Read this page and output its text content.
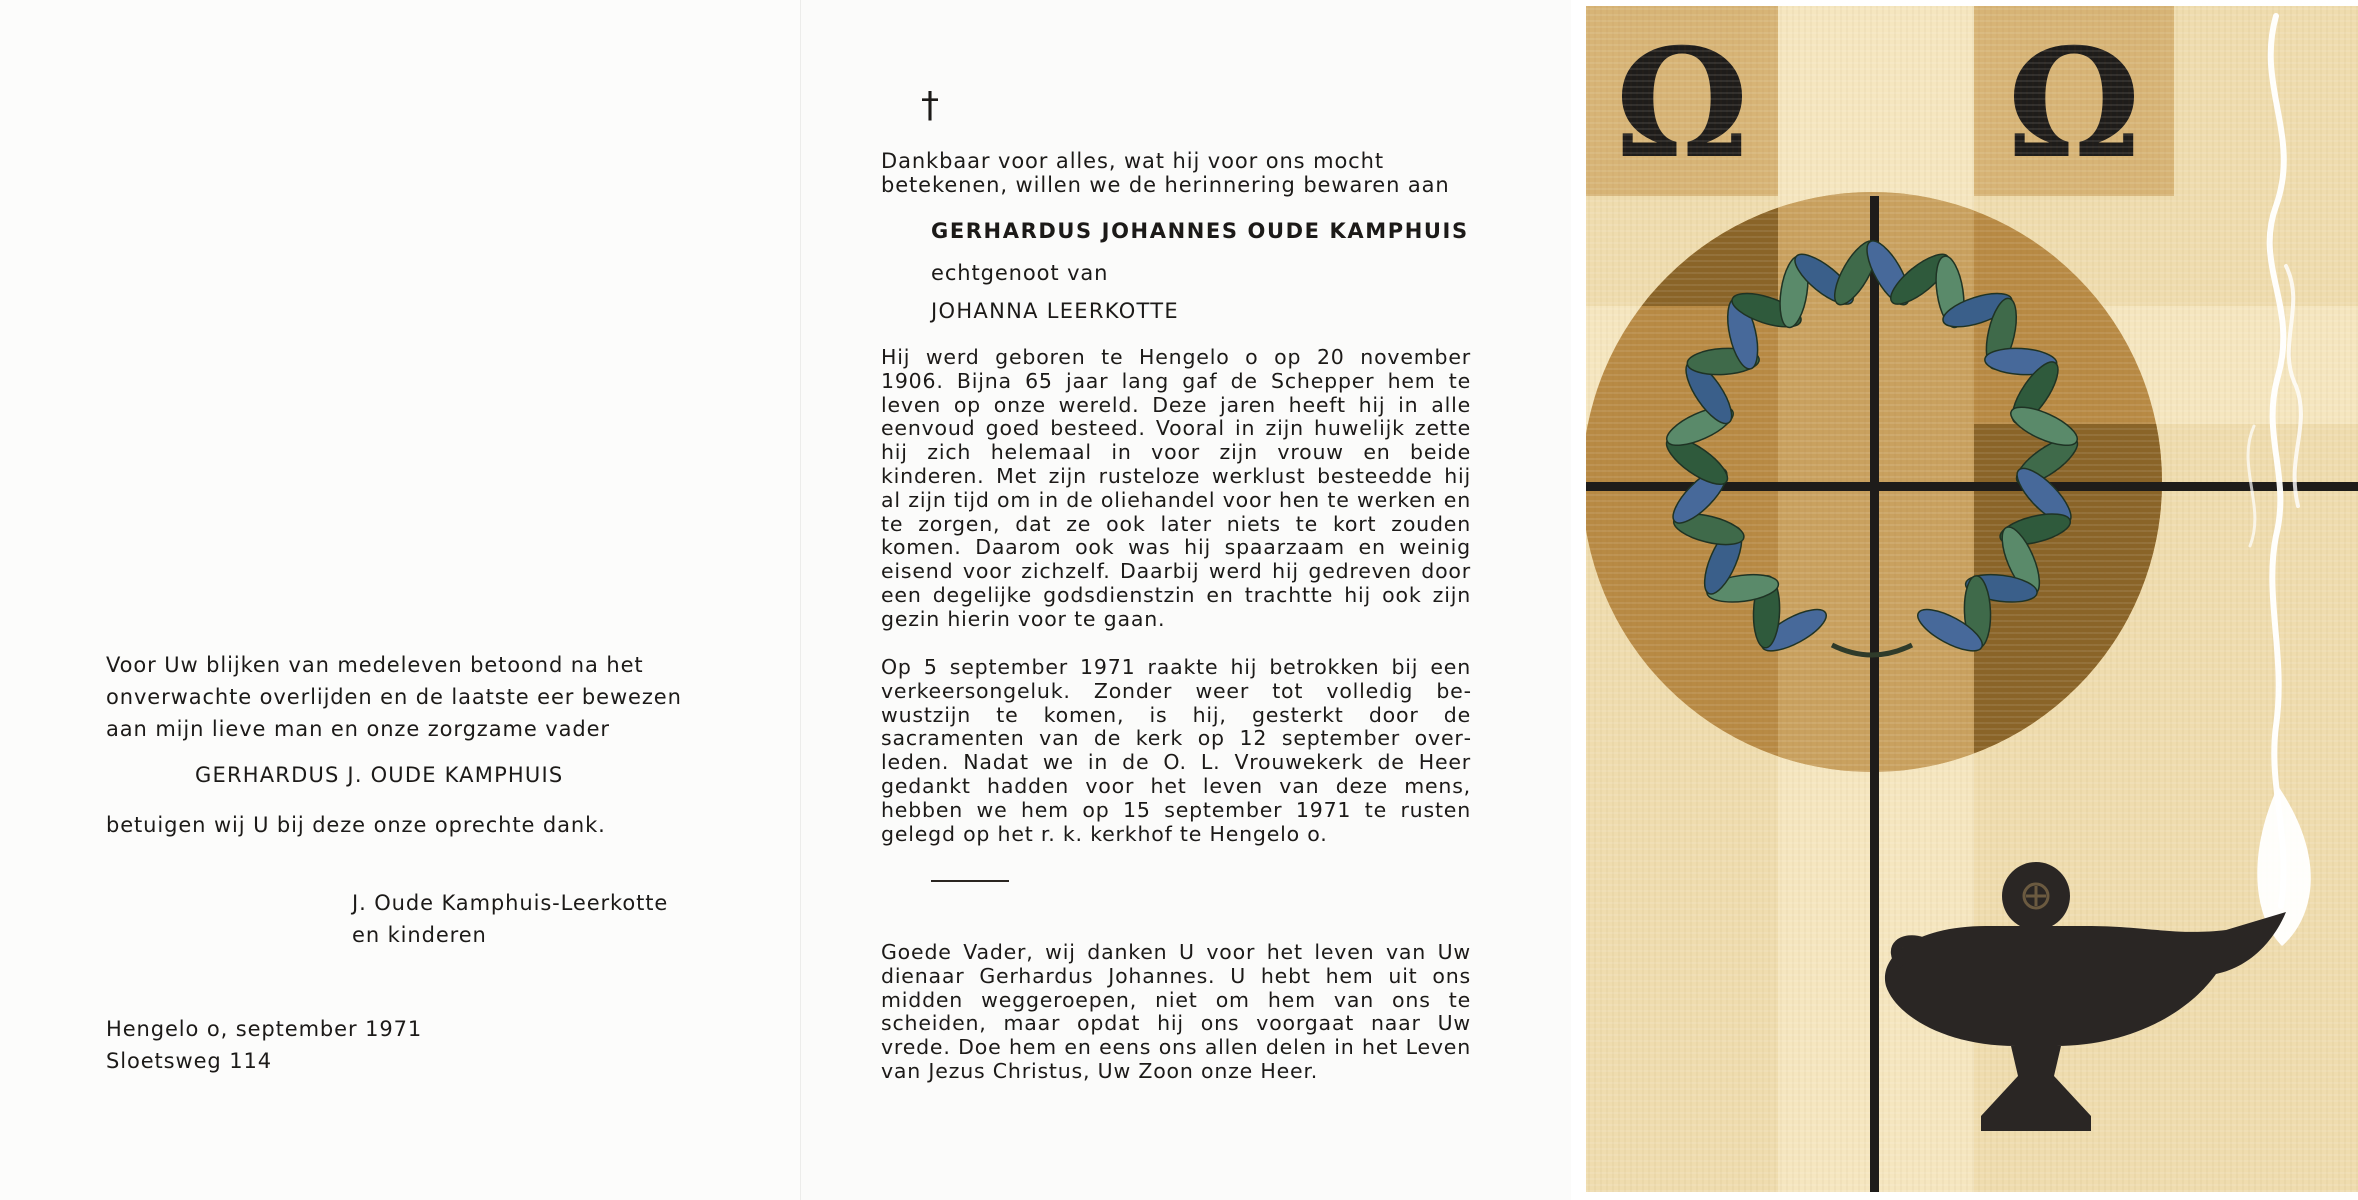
Voor Uw blijken van medeleven betoond na het
onverwachte overlijden en de laatste eer bewezen
aan mijn lieve man en onze zorgzame vader
GERHARDUS J. OUDE KAMPHUIS
betuigen wij U bij deze onze oprechte dank.
J. Oude Kamphuis-Leerkotte
en kinderen
Hengelo o, september 1971
Sloetsweg 114
†
Dankbaar voor alles, wat hij voor ons mocht
betekenen, willen we de herinnering bewaren aan
GERHARDUS JOHANNES OUDE KAMPHUIS
echtgenoot van
JOHANNA LEERKOTTE
Hij werd geboren te Hengelo o op 20 november 1906. Bijna 65 jaar lang gaf de Schepper hem te leven op onze wereld. Deze jaren heeft hij in alle eenvoud goed besteed. Vooral in zijn huwelijk zette hij zich helemaal in voor zijn vrouw en beide kinderen. Met zijn rusteloze werklust besteedde hij al zijn tijd om in de oliehandel voor hen te werken en te zorgen, dat ze ook later niets te kort zouden komen. Daarom ook was hij spaarzaam en weinig eisend voor zichzelf. Daarbij werd hij gedreven door een degelijke godsdienstzin en trachtte hij ook zijn gezin hierin voor te gaan.
Op 5 september 1971 raakte hij betrokken bij een verkeersongeluk. Zonder weer tot volledig bewustzijn te komen, is hij, gesterkt door de sacramenten van de kerk op 12 september overleden. Nadat we in de O. L. Vrouwekerk de Heer gedankt hadden voor het leven van deze mens, hebben we hem op 15 september 1971 te rusten gelegd op het r. k. kerkhof te Hengelo o.
Goede Vader, wij danken U voor het leven van Uw dienaar Gerhardus Johannes. U hebt hem uit ons midden weggeroepen, niet om hem van ons te scheiden, maar opdat hij ons voorgaat naar Uw vrede. Doe hem en eens ons allen delen in het Leven van Jezus Christus, Uw Zoon onze Heer.
